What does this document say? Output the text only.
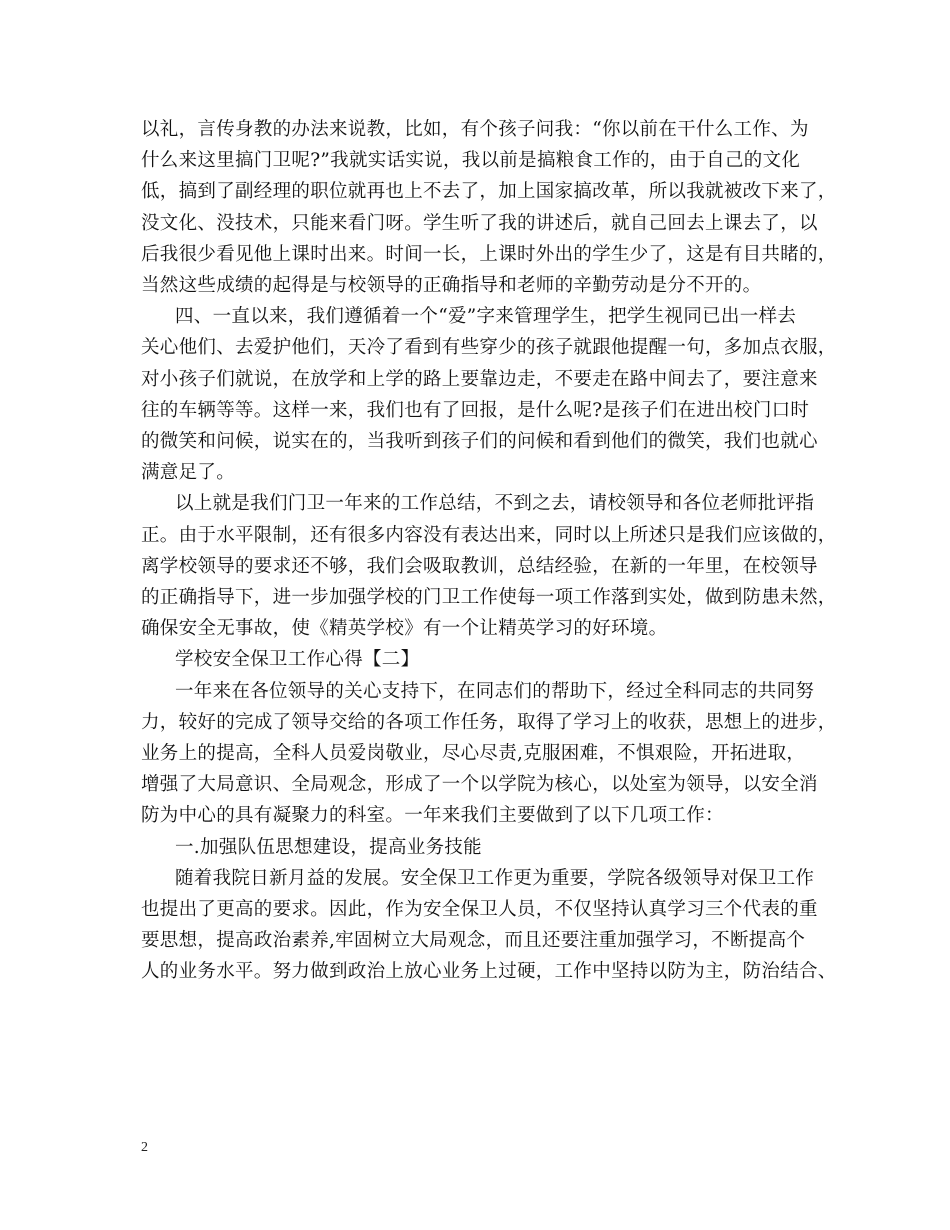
以礼，言传身教的办法来说教，比如，有个孩子问我：“你以前在干什么工作、为
什么来这里搞门卫呢?”我就实话实说，我以前是搞粮食工作的，由于自己的文化
低，搞到了副经理的职位就再也上不去了，加上国家搞改革，所以我就被改下来了，
没文化、没技术，只能来看门呀。学生听了我的讲述后，就自己回去上课去了，以
后我很少看见他上课时出来。时间一长，上课时外出的学生少了，这是有目共睹的，
当然这些成绩的起得是与校领导的正确指导和老师的辛勤劳动是分不开的。

四、一直以来，我们遵循着一个“爱”字来管理学生，把学生视同已出一样去
关心他们、去爱护他们，天冷了看到有些穿少的孩子就跟他提醒一句，多加点衣服，
对小孩子们就说，在放学和上学的路上要靠边走，不要走在路中间去了，要注意来
往的车辆等等。这样一来，我们也有了回报，是什么呢?是孩子们在进出校门口时
的微笑和问候，说实在的，当我听到孩子们的问候和看到他们的微笑，我们也就心
满意足了。

以上就是我们门卫一年来的工作总结，不到之去，请校领导和各位老师批评指
正。由于水平限制，还有很多内容没有表达出来，同时以上所述只是我们应该做的，
离学校领导的要求还不够，我们会吸取教训，总结经验，在新的一年里，在校领导
的正确指导下，进一步加强学校的门卫工作使每一项工作落到实处，做到防患未然，
确保安全无事故，使《精英学校》有一个让精英学习的好环境。

学校安全保卫工作心得【二】

一年来在各位领导的关心支持下，在同志们的帮助下，经过全科同志的共同努
力，较好的完成了领导交给的各项工作任务，取得了学习上的收获，思想上的进步，
业务上的提高，全科人员爱岗敬业，尽心尽责,克服困难，不惧艰险，开拓进取，
增强了大局意识、全局观念，形成了一个以学院为核心，以处室为领导，以安全消
防为中心的具有凝聚力的科室。一年来我们主要做到了以下几项工作：

一.加强队伍思想建设，提高业务技能

随着我院日新月益的发展。安全保卫工作更为重要，学院各级领导对保卫工作
也提出了更高的要求。因此，作为安全保卫人员，不仅坚持认真学习三个代表的重
要思想，提高政治素养,牢固树立大局观念，而且还要注重加强学习，不断提高个
人的业务水平。努力做到政治上放心业务上过硬，工作中坚持以防为主，防治结合、

2
